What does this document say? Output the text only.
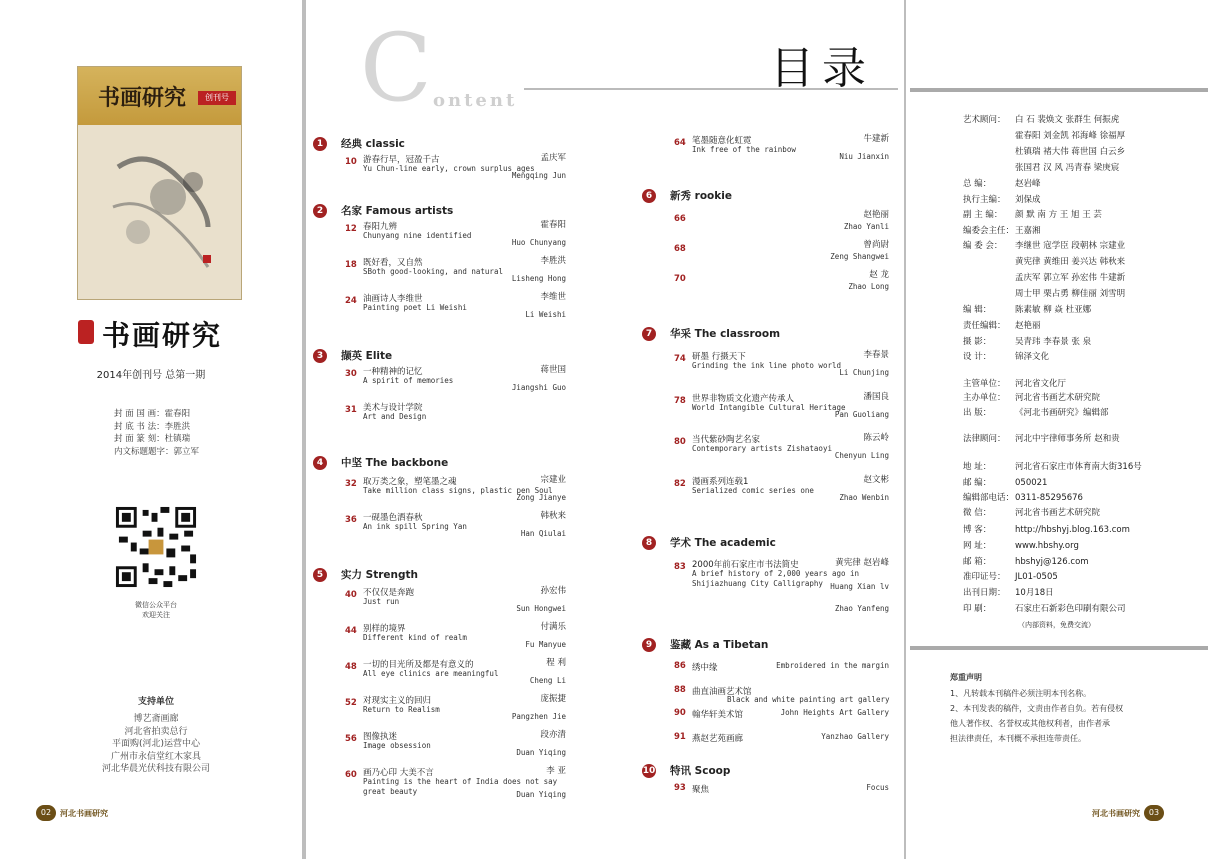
书画研究	创刊号
书画研究
2014年创刊号 总第一期
封 面 国 画：霍春阳
封 底 书 法：李胜洪
封 面 篆 刻：杜镇瑞
内文标题题字：郭立军
微信公众平台
欢迎关注
支持单位
博艺斋画廊
河北省拍卖总行
平面购(河北)运营中心
广州市永信堂红木家具
河北华晨光伏科技有限公司
02	河北书画研究
C ontent
目录
1	经典 classic
10 游春行早，冠盈千古
Yu Chun-line early, crown surplus ages
孟庆军
Mengqing Jun
2	名家 Famous artists
12 春阳九辨
Chunyang nine identified
霍春阳
Huo Chunyang
18 既好看，又自然
SBoth good-looking, and natural
李胜洪
Lisheng Hong
24 油画诗人李维世
Painting poet Li Weishi
李维世
Li Weishi
3	撷英 Elite
30 一种精神的记忆
A spirit of memories
蒋世国
Jiangshi Guo
31 美术与设计学院
Art and Design
4	中坚 The backbone
32 取万类之象，塑笔墨之魂
Take million class signs, plastic pen Soul
宗建业
Zong Jianye
36 一砚墨色洒春秋
An ink spill Spring Yan
韩秋来
Han Qiulai
5	实力 Strength
40 不仅仅是奔跑
Just run
孙宏伟
Sun Hongwei
44 别样的境界
Different kind of realm
付满乐
Fu Manyue
48 一切的目光所及都是有意义的
All eye clinics are meaningful
程 利
Cheng Li
52 对现实主义的回归
Return to Realism
庞振捷
Pangzhen Jie
56 图像执迷
Image obsession
段亦清
Duan Yiqing
60 画乃心印 大美不言
Painting is the heart of India does not say
great beauty
李 亚
Duan Yiqing
64 笔墨随意化虹霓
Ink free of the rainbow
牛建新
Niu Jianxin
6	新秀 rookie
66	赵艳丽
Zhao Yanli
68	曾尚尉
Zeng Shangwei
70	赵 龙
Zhao Long
7	华采 The classroom
74 研墨 行摄天下
Grinding the ink line photo world
李春景
Li Chunjing
78 世界非物质文化遗产传承人
World Intangible Cultural Heritage
潘国良
Pan Guoliang
80 当代紫砂陶艺名家
Contemporary artists Zishataoyi
陈云岭
Chenyun Ling
82 漫画系列连载1
Serialized comic series one
赵文彬
Zhao Wenbin
8	学术 The academic
83 2000年前石家庄市书法简史
A brief history of 2,000 years ago in
Shijiazhuang City Calligraphy
黄宪律 赵岩峰
Huang Xian lv
Zhao Yanfeng
9	鉴藏 As a Tibetan
86 绣中缘	Embroidered in the margin
88 曲直油画艺术馆
Black and white painting art gallery
90 翰华轩美术馆	John Heights Art Gallery
91 燕赵艺苑画廊	Yanzhao Gallery
10 特讯 Scoop
93 聚焦	Focus
艺术顾问： 白 石 裴焕文 张群生 何振虎
霍春阳 刘金凯 祁海峰 徐福厚
杜镇瑞 褚大伟 蒋世国 白云乡
张国君 汉 风 冯青春 梁庚宸
总 编：	赵岩峰
执行主编： 刘保成
副 主 编： 颜 默 南 方 王 旭 王 芸
编委会主任：王嘉湘
编 委 会： 李继世 寇学臣 段朝林 宗建业
黄宪律 黄维田 姜兴达 韩秋来
孟庆军 郭立军 孙宏伟 牛建新
周士甲 栗占勇 柳佳丽 刘雪明
编 辑：	陈素敏 柳 焱 杜亚娜
责任编辑： 赵艳丽
摄 影：	吴青玮 李春景 张 泉
设 计：	锦泽文化
主管单位： 河北省文化厅
主办单位： 河北省书画艺术研究院
出 版：	《河北书画研究》编辑部
法律顾问： 河北中宇律师事务所 赵和贵
地 址：	河北省石家庄市体育南大街316号
邮 编：	050021
编辑部电话：0311-85295676
微 信：	河北省书画艺术研究院
博 客：	http://hbshyj.blog.163.com
网 址：	www.hbshy.org
邮 箱：	hbshyj@126.com
准印证号： JL01-0505
出刊日期： 10月18日
印 刷：	石家庄石新彩色印刷有限公司
（内部资料，免费交流）
郑重声明
1、凡转载本刊稿件必须注明本刊名称。
2、本刊发表的稿件，文责由作者自负。若有侵权
他人著作权、名誉权或其他权利者，由作者承
担法律责任，本刊概不承担连带责任。
河北书画研究	03
